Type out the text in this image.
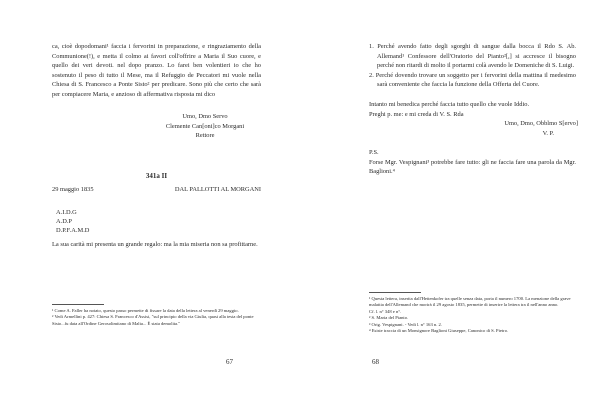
ca, cioè dopodomani¹ faccia i fervorini in preparazione, e ringraziamento della Communione(!), e metta il colmo ai favori coll'offrire a Maria il Suo cuore, e quello dei veri devoti. nel dopo pranzo. Lo farei ben volentieri io che ho sostenuto il peso di tutto il Mese, ma il Refuggio de Peccatori mi vuole nella Chiesa di S. Francesco a Ponte Sisto² per predicare. Sono più che certo che sarà per compiacere Maria, e anzioso di affermativa risposta mi dico
Umo, Dmo Servo
Clemente Can[oni]co Morgani
Rettore
341a II
29 maggio 1835	DAL PALLOTTI AL MORGANI
A.I.D.G
A.D.P
D.P.F.A.M.D
La sua carità mi presenta un grande regalo: ma la mia miseria non sa profittarne.
¹ Come A. Faller ha notato, questo passo permette di fissare la data della lettera al venerdì 29 maggio.
² Vedi Armellini p. 427: Chiesa S. Francesco d'Assisi, "sul principio della via Giulia, quasi alla testa del ponte Sisto...fu data all'Ordine Gerosolimitano di Malta... È stata demolita."
67
1. Perché avendo fatto degli sgorghi di sangue dalla bocca il Rdo S. Ab. Allemand¹ Confessore dell'Oratorio del Pianto²[,] si accresce il bisogno perché non ritardi di molto il portarmi colà avendo le Domeniche di S. Luigi.
2. Perché dovendo trovare un soggetto per i fervorini della mattina il medesimo sarà conveniente che faccia la funzione della Offerta del Cuore.
Intanto mi benedica perché faccia tutto quello che vuole Iddio.
Preghi p. me: e mi creda di V. S. Rda
Umo, Dmo, Obblmo S[ervo]
V. P.
P.S.
Forse Mgr. Vespignani³ potrebbe fare tutto: gli ne faccia fare una parola da Mgr. Baglioni.⁴
¹ Questa lettera, inserita dall'Hettenkofer tra quelle senza data, porta il numero 1700. La menzione della grave malattia dell'Allemand che morirà il 29 agosto 1835, permette di inserire la lettera tra il nell'anno anno.
Cf. l. n° 348 e n°.
² S. Maria del Pianto.
³ Orig. Vespignani. - Vedi l. n° 163 n. 2.
⁴ Esiste traccia di un Monsignore Baglioni Giuseppe, Canonico di S. Pietro.
68
